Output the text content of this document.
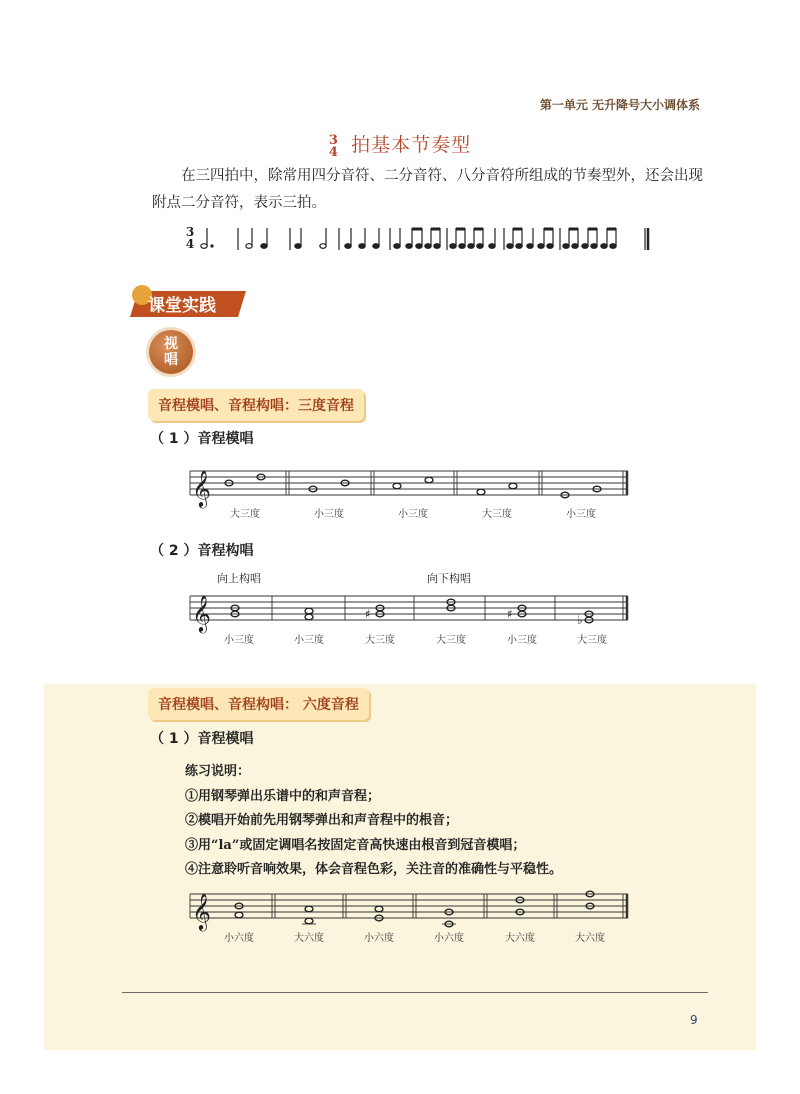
第一单元 无升降号大小调体系
3
4 拍基本节奏型
在三四拍中，除常用四分音符、二分音符、八分音符所组成的节奏型外，还会出现附点二分音符，表示三拍。
3
4
课堂实践
视
唱
音程模唱、音程构唱：三度音程
（ 1 ）音程模唱
𝄞
大三度	小三度	小三度	大三度	小三度
（ 2 ）音程构唱
向上构唱	向下构唱
𝄞	♯	♯	♭
小三度	小三度	大三度	大三度	小三度	大三度
音程模唱、音程构唱： 六度音程
（ 1 ）音程模唱
练习说明：
①用钢琴弹出乐谱中的和声音程；
②模唱开始前先用钢琴弹出和声音程中的根音；
③用“la”或固定调唱名按固定音高快速由根音到冠音模唱；
④注意聆听音响效果，体会音程色彩，关注音的准确性与平稳性。
𝄞
小六度	大六度	小六度	小六度	大六度	大六度
9
